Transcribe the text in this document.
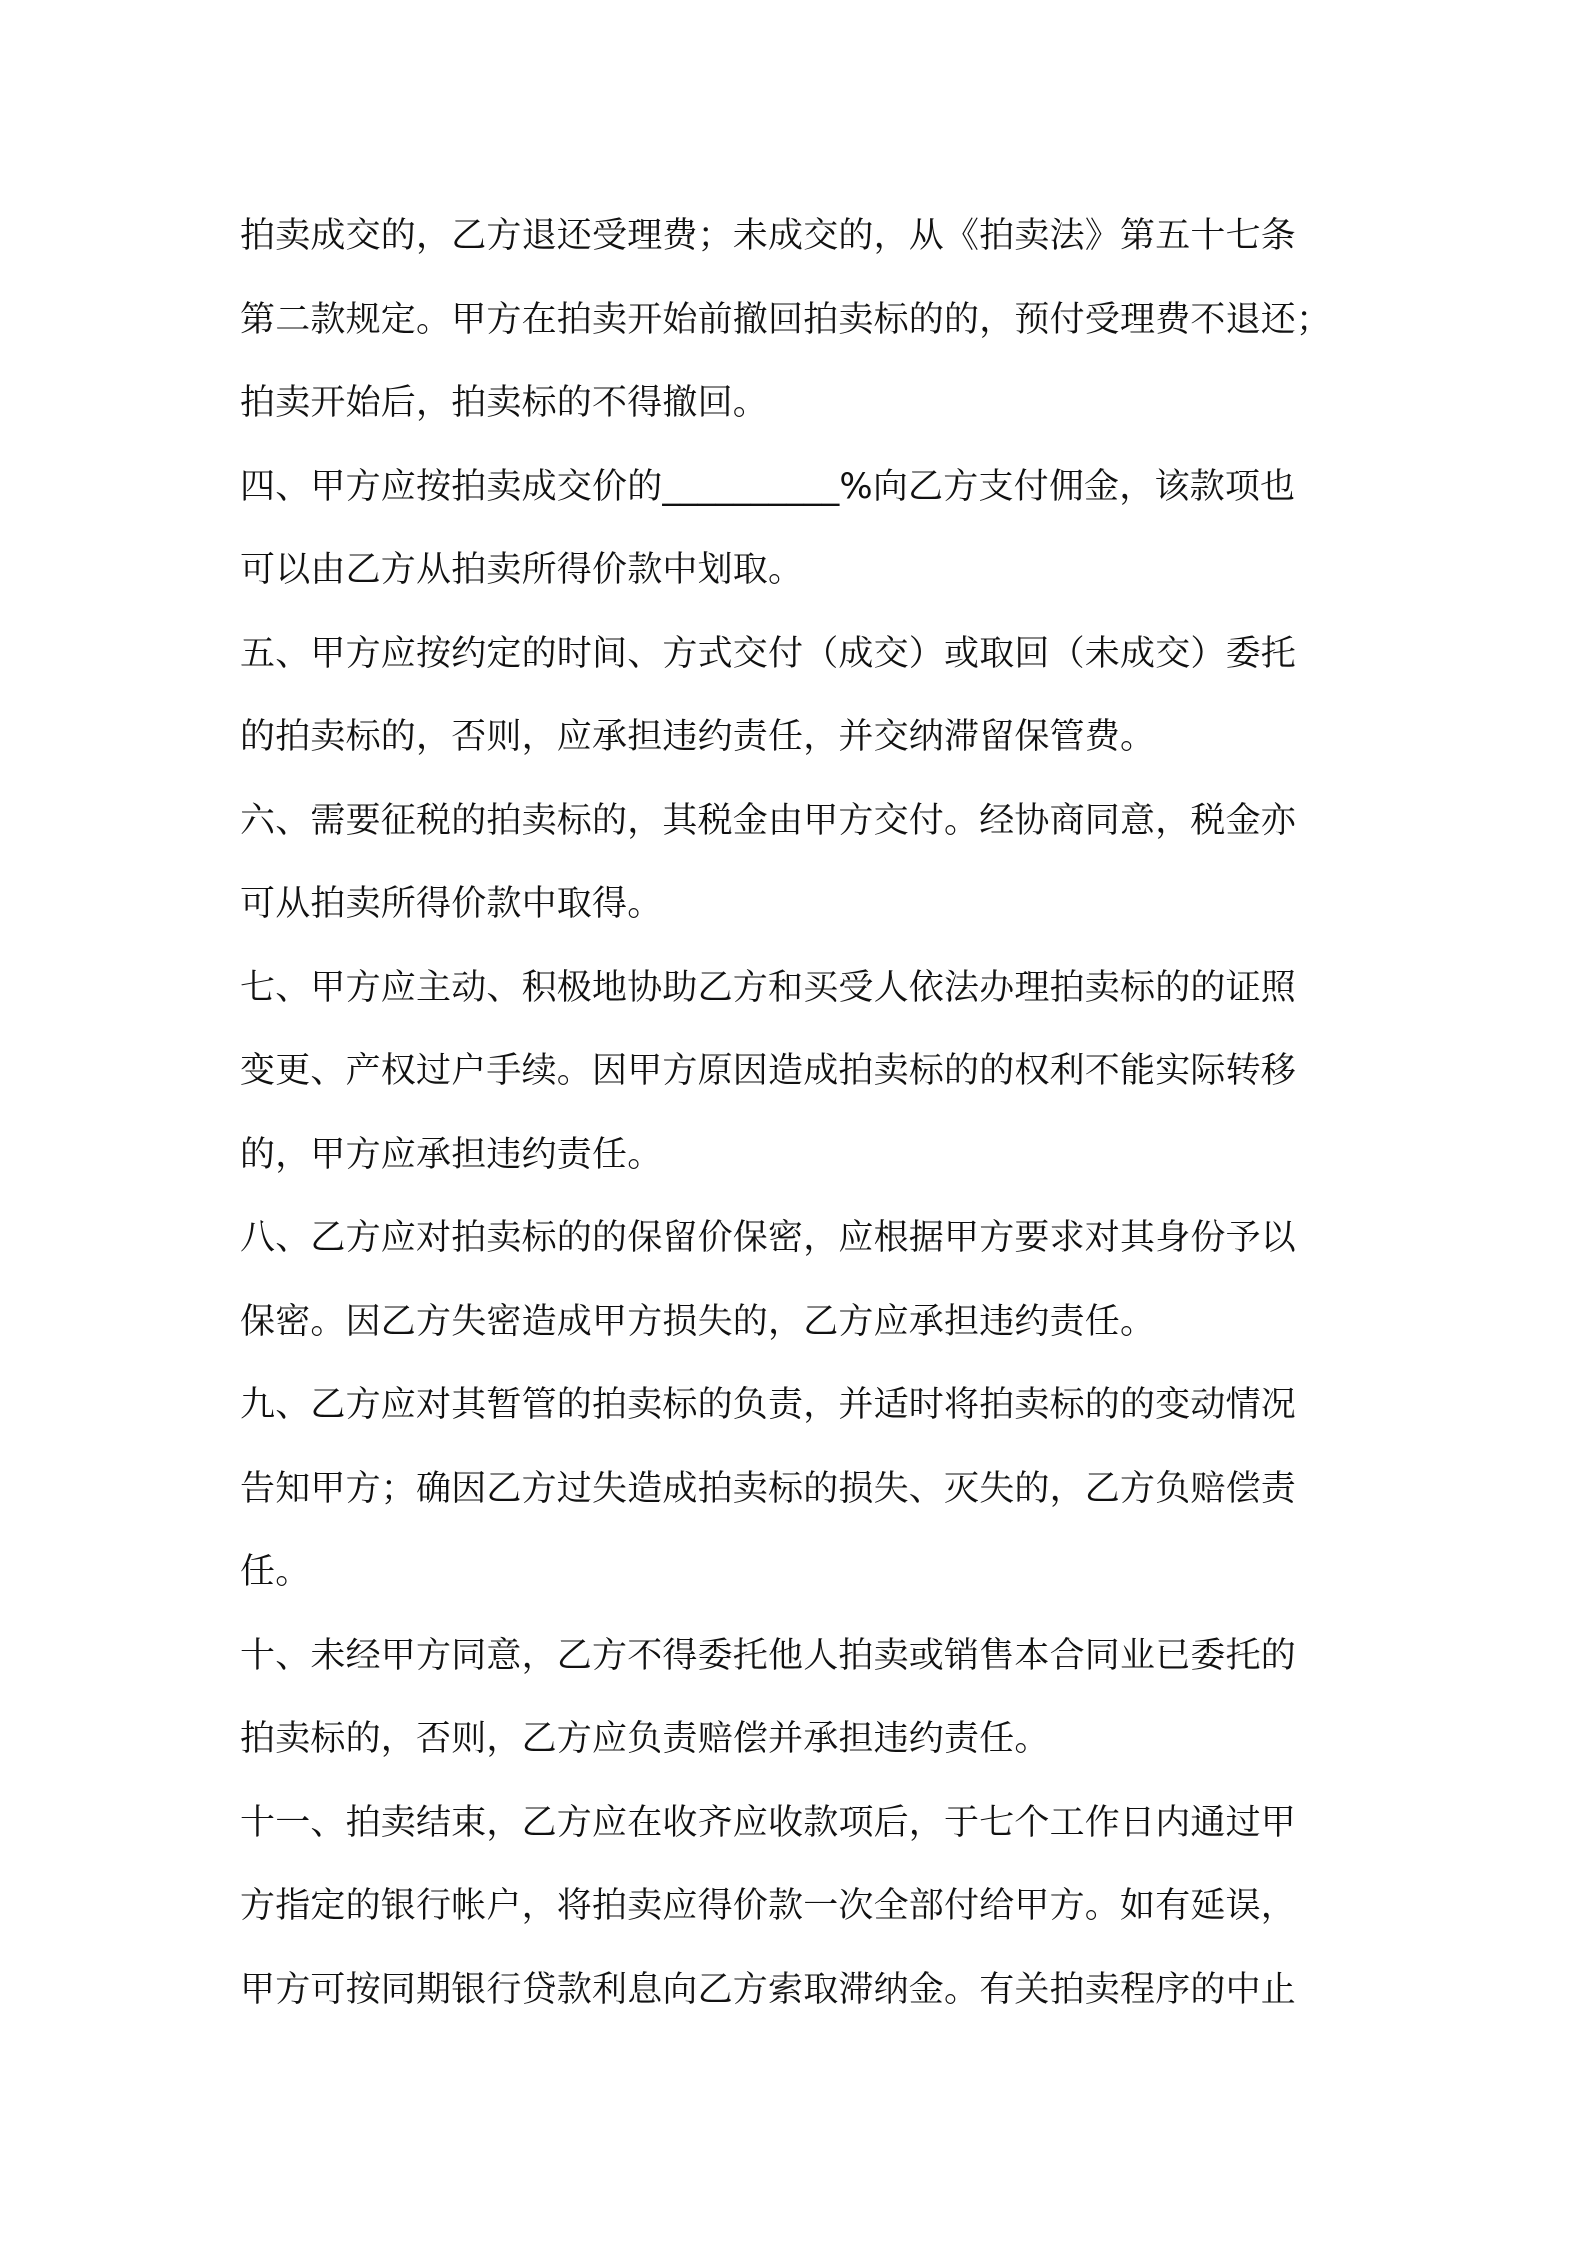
拍卖成交的，乙方退还受理费；未成交的，从《拍卖法》第五十七条
第二款规定。甲方在拍卖开始前撤回拍卖标的的，预付受理费不退还；
拍卖开始后，拍卖标的不得撤回。
四、甲方应按拍卖成交价的__________%向乙方支付佣金，该款项也
可以由乙方从拍卖所得价款中划取。
五、甲方应按约定的时间、方式交付（成交）或取回（未成交）委托
的拍卖标的，否则，应承担违约责任，并交纳滞留保管费。
六、需要征税的拍卖标的，其税金由甲方交付。经协商同意，税金亦
可从拍卖所得价款中取得。
七、甲方应主动、积极地协助乙方和买受人依法办理拍卖标的的证照
变更、产权过户手续。因甲方原因造成拍卖标的的权利不能实际转移
的，甲方应承担违约责任。
八、乙方应对拍卖标的的保留价保密，应根据甲方要求对其身份予以
保密。因乙方失密造成甲方损失的，乙方应承担违约责任。
九、乙方应对其暂管的拍卖标的负责，并适时将拍卖标的的变动情况
告知甲方；确因乙方过失造成拍卖标的损失、灭失的，乙方负赔偿责
任。
十、未经甲方同意，乙方不得委托他人拍卖或销售本合同业已委托的
拍卖标的，否则，乙方应负责赔偿并承担违约责任。
十一、拍卖结束，乙方应在收齐应收款项后，于七个工作日内通过甲
方指定的银行帐户，将拍卖应得价款一次全部付给甲方。如有延误，
甲方可按同期银行贷款利息向乙方索取滞纳金。有关拍卖程序的中止
